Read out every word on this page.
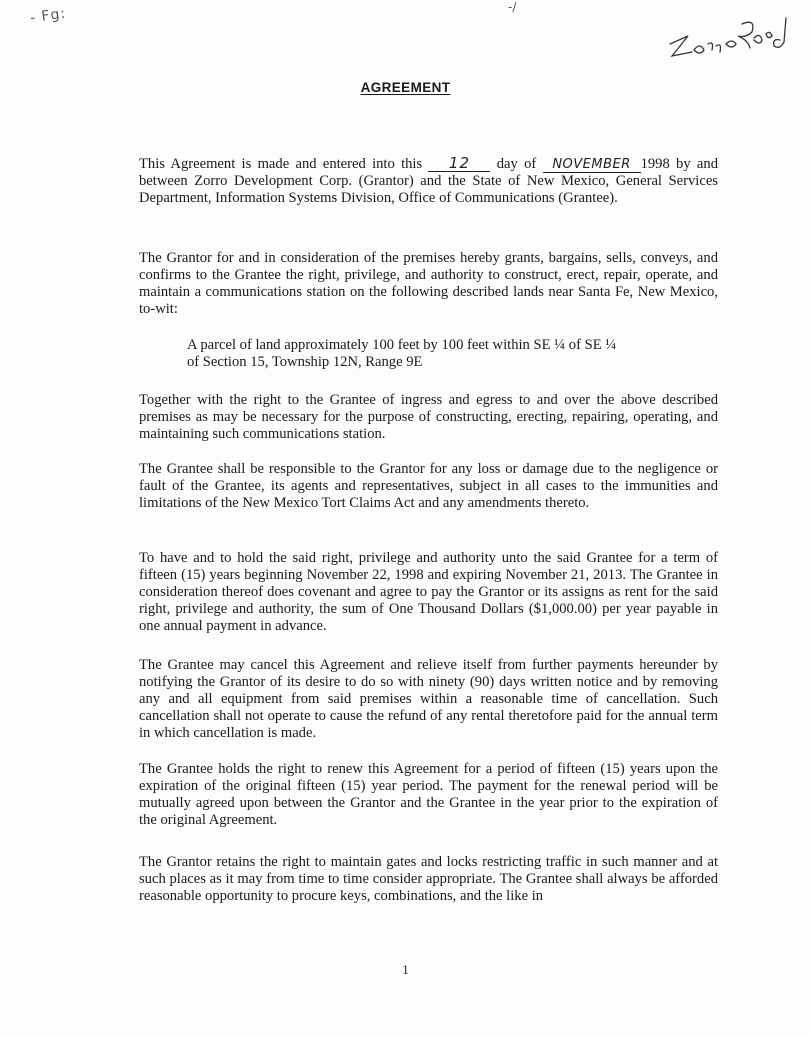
- Fg:	-/
AGREEMENT

This Agreement is made and entered into this 12 day of NOVEMBER 1998 by and between Zorro Development Corp. (Grantor) and the State of New Mexico, General Services Department, Information Systems Division, Office of Communications (Grantee).

The Grantor for and in consideration of the premises hereby grants, bargains, sells, conveys, and confirms to the Grantee the right, privilege, and authority to construct, erect, repair, operate, and maintain a communications station on the following described lands near Santa Fe, New Mexico, to-wit:

A parcel of land approximately 100 feet by 100 feet within SE ¼ of SE ¼
of Section 15, Township 12N, Range 9E

Together with the right to the Grantee of ingress and egress to and over the above described premises as may be necessary for the purpose of constructing, erecting, repairing, operating, and maintaining such communications station.

The Grantee shall be responsible to the Grantor for any loss or damage due to the negligence or fault of the Grantee, its agents and representatives, subject in all cases to the immunities and limitations of the New Mexico Tort Claims Act and any amendments thereto.

To have and to hold the said right, privilege and authority unto the said Grantee for a term of fifteen (15) years beginning November 22, 1998 and expiring November 21, 2013. The Grantee in consideration thereof does covenant and agree to pay the Grantor or its assigns as rent for the said right, privilege and authority, the sum of One Thousand Dollars ($1,000.00) per year payable in one annual payment in advance.

The Grantee may cancel this Agreement and relieve itself from further payments hereunder by notifying the Grantor of its desire to do so with ninety (90) days written notice and by removing any and all equipment from said premises within a reasonable time of cancellation. Such cancellation shall not operate to cause the refund of any rental theretofore paid for the annual term in which cancellation is made.

The Grantee holds the right to renew this Agreement for a period of fifteen (15) years upon the expiration of the original fifteen (15) year period. The payment for the renewal period will be mutually agreed upon between the Grantor and the Grantee in the year prior to the expiration of the original Agreement.

The Grantor retains the right to maintain gates and locks restricting traffic in such manner and at such places as it may from time to time consider appropriate. The Grantee shall always be afforded reasonable opportunity to procure keys, combinations, and the like in

1
